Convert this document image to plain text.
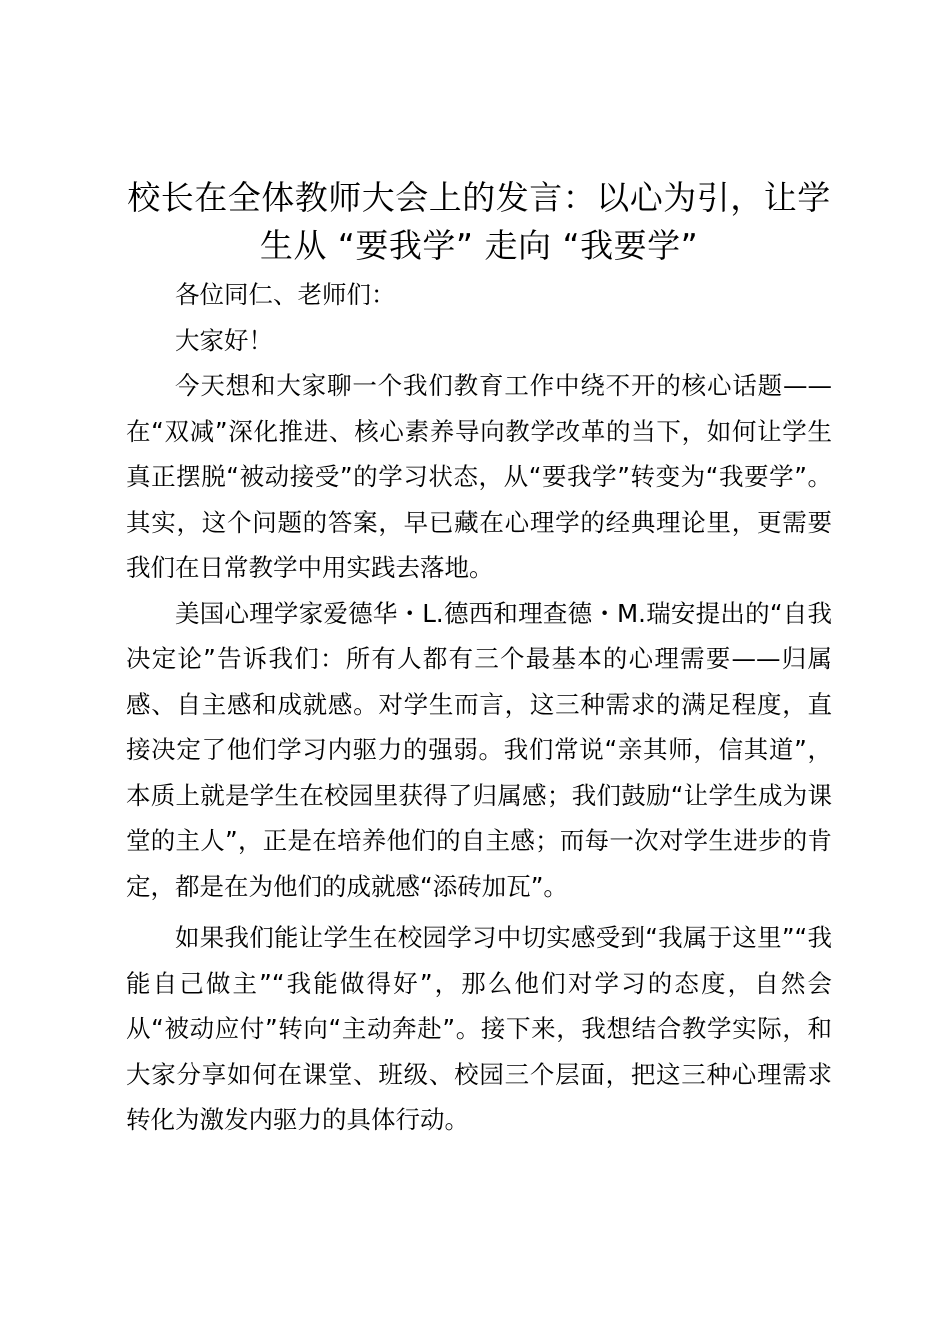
校长在全体教师大会上的发言：以心为引，让学生从 “要我学” 走向 “我要学”

各位同仁、老师们：

大家好！

今天想和大家聊一个我们教育工作中绕不开的核心话题——在“双减”深化推进、核心素养导向教学改革的当下，如何让学生真正摆脱“被动接受”的学习状态，从“要我学”转变为“我要学”。其实，这个问题的答案，早已藏在心理学的经典理论里，更需要我们在日常教学中用实践去落地。

美国心理学家爱德华・L.德西和理查德・M.瑞安提出的“自我决定论”告诉我们：所有人都有三个最基本的心理需要——归属感、自主感和成就感。对学生而言，这三种需求的满足程度，直接决定了他们学习内驱力的强弱。我们常说“亲其师，信其道”，本质上就是学生在校园里获得了归属感；我们鼓励“让学生成为课堂的主人”，正是在培养他们的自主感；而每一次对学生进步的肯定，都是在为他们的成就感“添砖加瓦”。

如果我们能让学生在校园学习中切实感受到“我属于这里”“我能自己做主”“我能做得好”，那么他们对学习的态度，自然会从“被动应付”转向“主动奔赴”。接下来，我想结合教学实际，和大家分享如何在课堂、班级、校园三个层面，把这三种心理需求转化为激发内驱力的具体行动。
